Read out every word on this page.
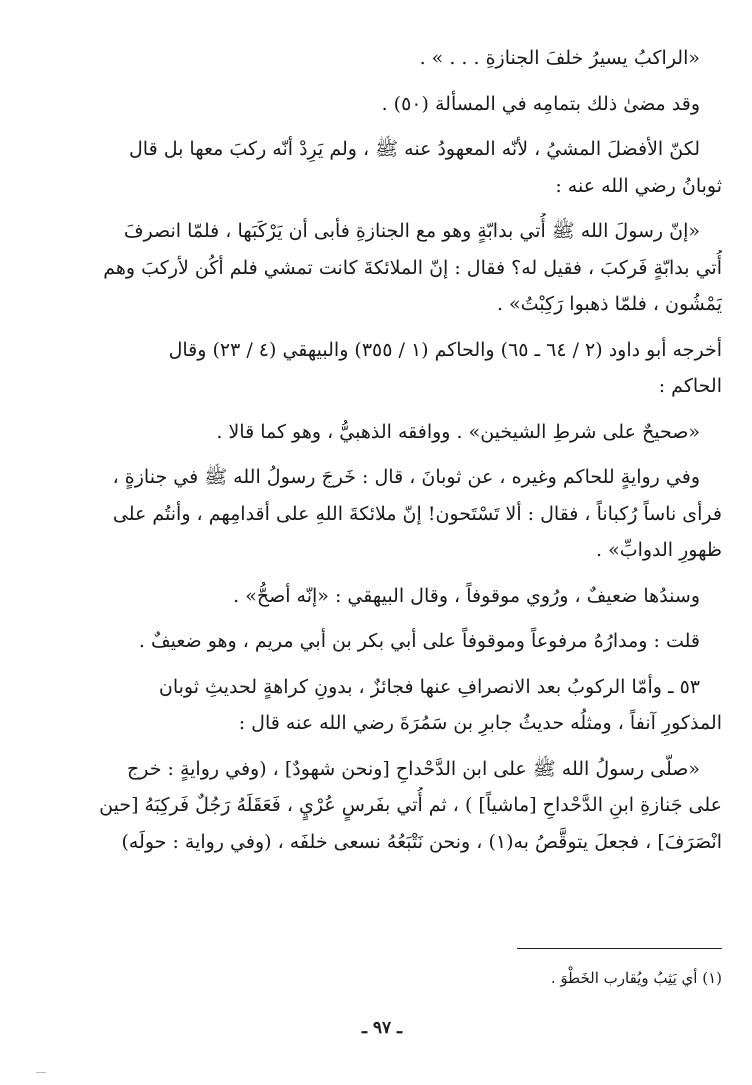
«الراكبُ يسيرُ خلفَ الجنازةِ . . . » .
وقد مضىٰ ذلك بتمامِه في المسألة (٥٠) .
لكنّ الأفضلَ المشيُ ، لأنّه المعهودُ عنه ﷺ ، ولم يَرِدْ أنّه ركبَ معها بل قال
ثوبانُ رضي الله عنه :
«إنّ رسولَ الله ﷺ أُتي بدابّةٍ وهو مع الجنازةِ فأبى أن يَرْكَبَها ، فلمّا انصرفَ
أُتي بدابّةٍ فَركبَ ، فقيل له؟ فقال : إنّ الملائكةَ كانت تمشي فلم أكُن لأركبَ وهم
يَمْشُون ، فلمّا ذهبوا رَكِبْتُ» .
أخرجه أبو داود (٢ / ٦٤ ـ ٦٥) والحاكم (١ / ٣٥٥) والبيهقي (٤ / ٢٣) وقال
الحاكم :
«صحيحٌ على شرطِ الشيخين» . ووافقه الذهبيُّ ، وهو كما قالا .
وفي روايةٍ للحاكم وغيره ، عن ثوبانَ ، قال : خَرجَ رسولُ الله ﷺ في جنازةٍ ،
فرأى ناساً رُكباناً ، فقال : ألا تَسْتَحون! إنّ ملائكةَ اللهِ على أقدامِهم ، وأنتُم على
ظهورِ الدوابِّ» .
وسندُها ضعيفٌ ، ورُوي موقوفاً ، وقال البيهقي : «إنّه أصحُّ» .
قلت : ومدارُهُ مرفوعاً وموقوفاً على أبي بكر بن أبي مريم ، وهو ضعيفٌ .
٥٣ ـ وأمّا الركوبُ بعد الانصرافِ عنها فجائزٌ ، بدونِ كراهةٍ لحديثِ ثوبان
المذكورِ آنفاً ، ومثلُه حديثُ جابرِ بن سَمُرَةَ رضي الله عنه قال :
«صلّى رسولُ الله ﷺ على ابن الدَّحْداحِ [ونحن شهودٌ] ، (وفي روايةٍ : خرج
على جَنازةِ ابنِ الدَّحْداحِ [ماشياً] ) ، ثم أُتي بفَرسٍ عُرْيٍ ، فَعَقَلَهُ رَجُلٌ فَركِبَهُ [حين
انْصَرَفَ] ، فجعلَ يتوقَّصُ به(١) ، ونحن نَتْبَعُهُ نسعى خلفَه ، (وفي رواية : حولَه)
(١) أي يَثِبُ ويُقارب الخَطْوَ .
ـ ٩٧ ـ
